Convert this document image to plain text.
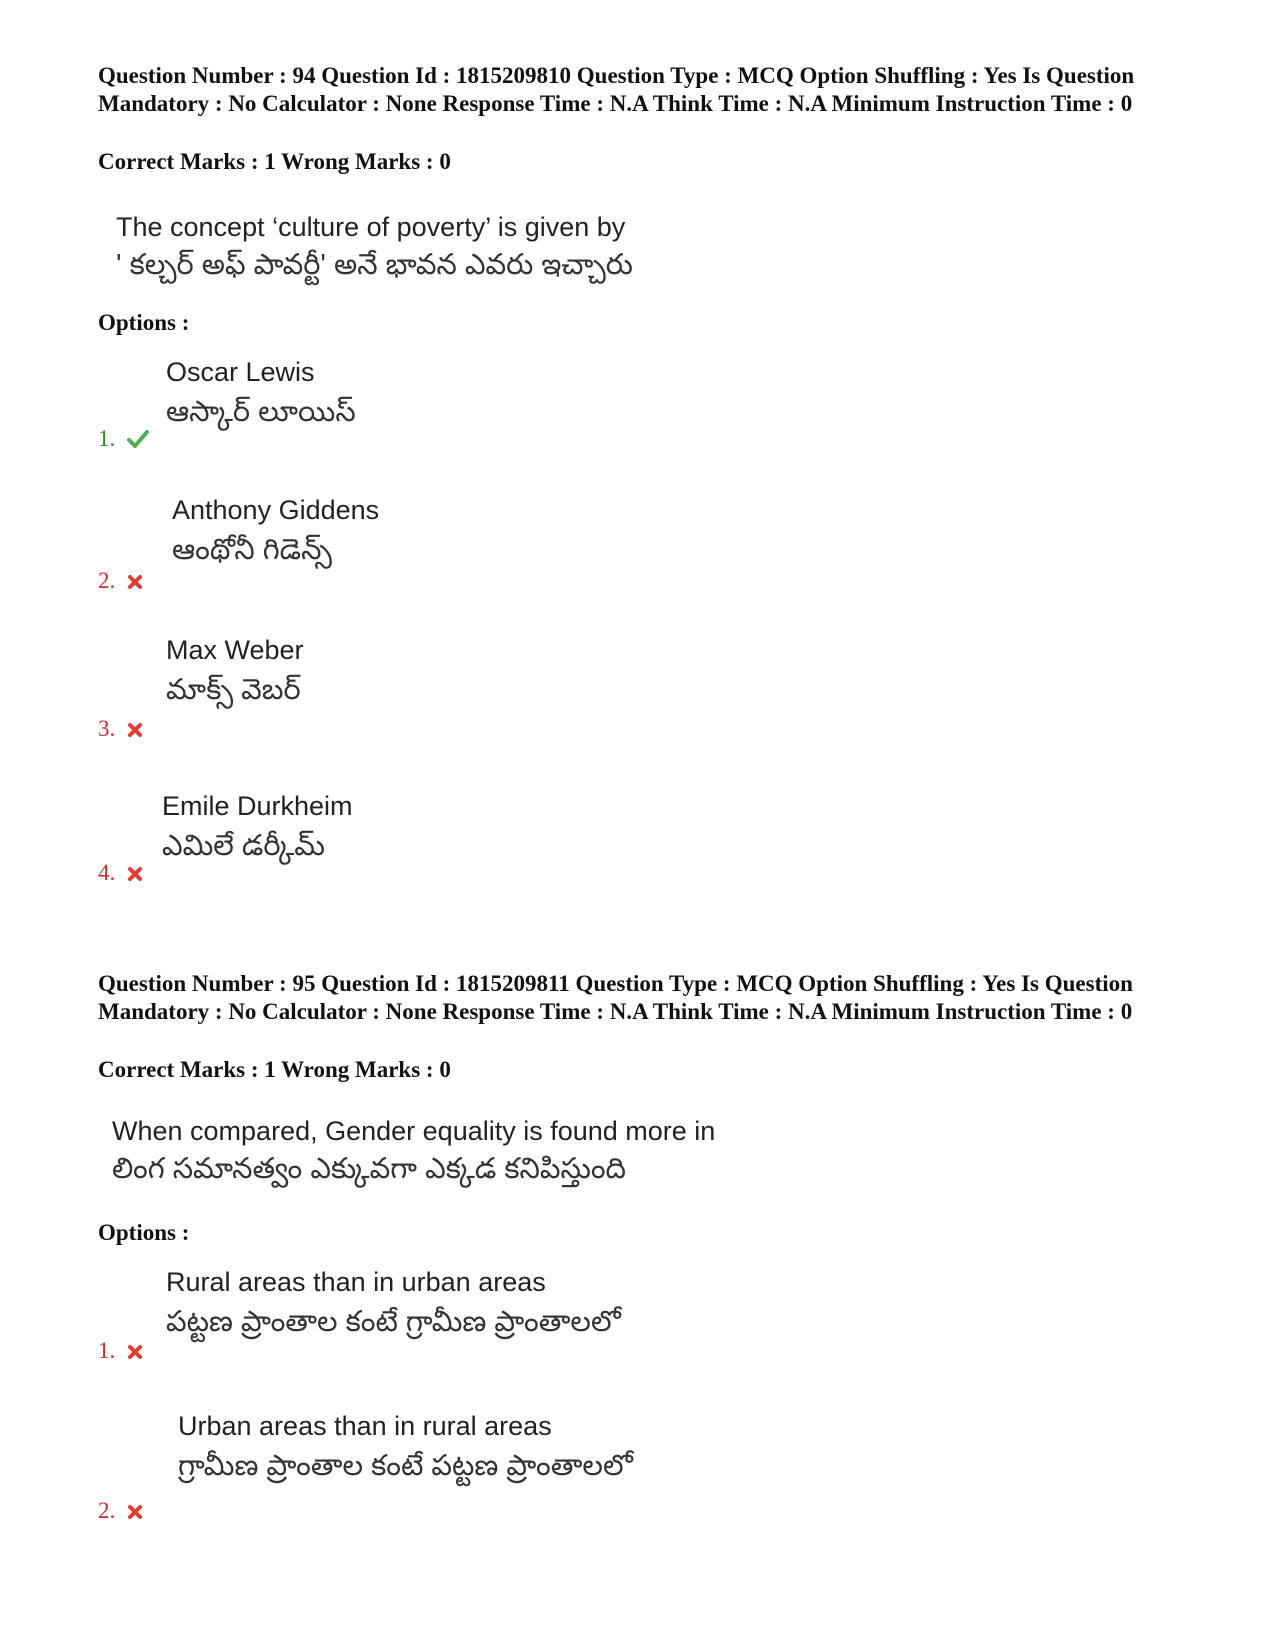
Question Number : 94 Question Id : 1815209810 Question Type : MCQ Option Shuffling : Yes Is Question Mandatory : No Calculator : None Response Time : N.A Think Time : N.A Minimum Instruction Time : 0

Correct Marks : 1 Wrong Marks : 0
The concept ‘culture of poverty’ is given by
' కల్చర్ అఫ్ పావర్టీ' అనే భావన ఎవరు ఇచ్చారు
Options :
Oscar Lewis
ఆస్కార్ లూయిస్
1.
Anthony Giddens
ఆంథోనీ గిడెన్స్
2.
Max Weber
మాక్స్ వెబర్
3.
Emile Durkheim
ఎమిలే డర్కీమ్
4.

Question Number : 95 Question Id : 1815209811 Question Type : MCQ Option Shuffling : Yes Is Question Mandatory : No Calculator : None Response Time : N.A Think Time : N.A Minimum Instruction Time : 0

Correct Marks : 1 Wrong Marks : 0
When compared, Gender equality is found more in
లింగ సమానత్వం ఎక్కువగా ఎక్కడ కనిపిస్తుంది
Options :
Rural areas than in urban areas
పట్టణ ప్రాంతాల కంటే గ్రామీణ ప్రాంతాలలో
1.
Urban areas than in rural areas
గ్రామీణ ప్రాంతాల కంటే పట్టణ ప్రాంతాలలో
2.
